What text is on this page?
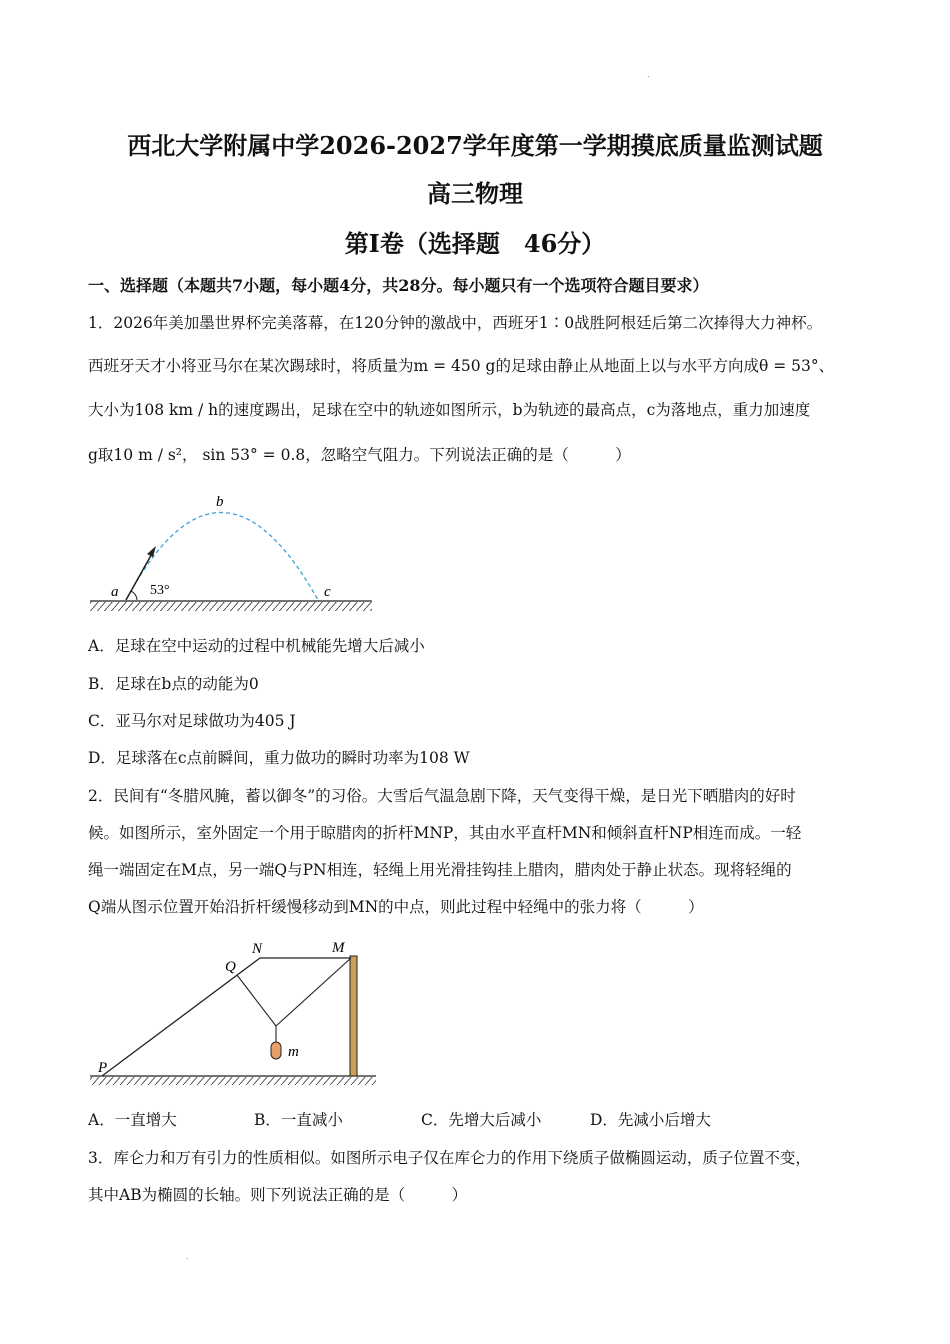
.
西北大学附属中学2026-2027学年度第一学期摸底质量监测试题
高三物理
第Ⅰ卷（选择题　46分）
一、选择题（本题共7小题，每小题4分，共28分。每小题只有一个选项符合题目要求）
1．2026年美加墨世界杯完美落幕，在120分钟的激战中，西班牙1∶0战胜阿根廷后第二次捧得大力神杯。
西班牙天才小将亚马尔在某次踢球时，将质量为m = 450 g的足球由静止从地面上以与水平方向成θ = 53°、
大小为108 km / h的速度踢出，足球在空中的轨迹如图所示，b为轨迹的最高点，c为落地点，重力加速度
g取10 m / s²， sin 53° = 0.8，忽略空气阻力。下列说法正确的是（　　　）
a 53°
b
c
A．足球在空中运动的过程中机械能先增大后减小
B．足球在b点的动能为0
C．亚马尔对足球做功为405 J
D．足球落在c点前瞬间，重力做功的瞬时功率为108 W
2．民间有“冬腊风腌，蓄以御冬”的习俗。大雪后气温急剧下降，天气变得干燥，是日光下晒腊肉的好时
候。如图所示，室外固定一个用于晾腊肉的折杆MNP，其由水平直杆MN和倾斜直杆NP相连而成。一轻
绳一端固定在M点，另一端Q与PN相连，轻绳上用光滑挂钩挂上腊肉，腊肉处于静止状态。现将轻绳的
Q端从图示位置开始沿折杆缓慢移动到MN的中点，则此过程中轻绳中的张力将（　　　）
N	M
Q
P
m
A．一直增大	B．一直减小	C．先增大后减小	D．先减小后增大
3．库仑力和万有引力的性质相似。如图所示电子仅在库仑力的作用下绕质子做椭圆运动，质子位置不变，
其中AB为椭圆的长轴。则下列说法正确的是（　　　）
.
